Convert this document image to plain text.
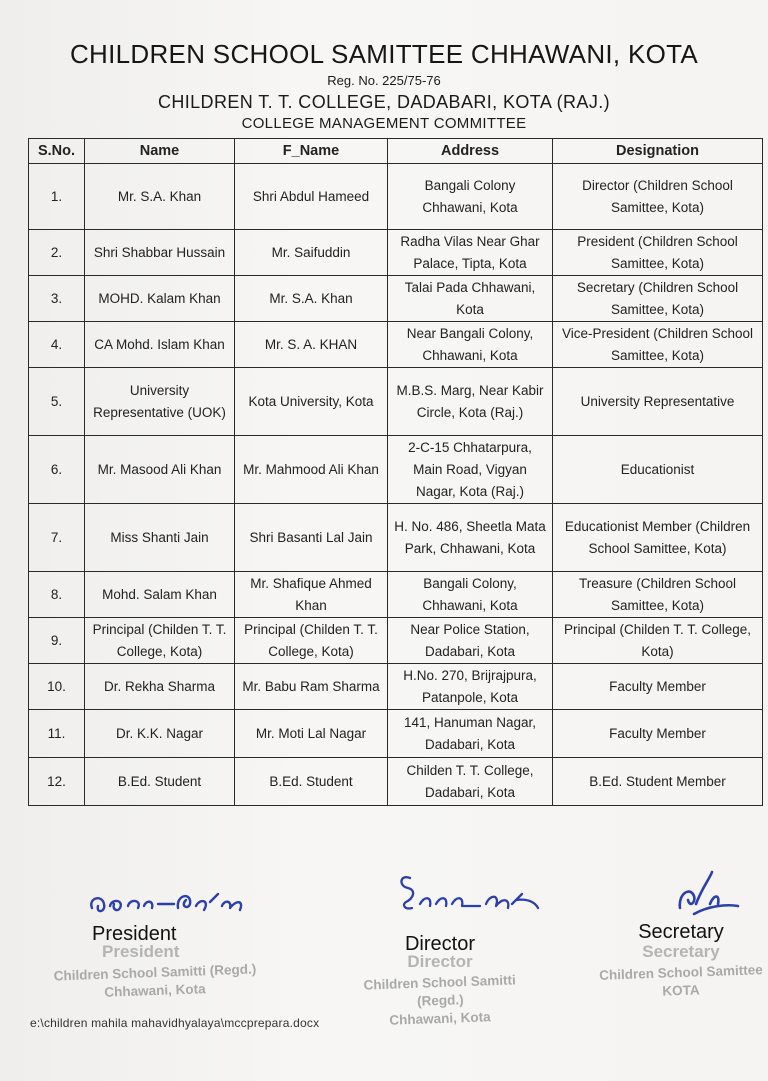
CHILDREN SCHOOL SAMITTEE CHHAWANI, KOTA
Reg. No. 225/75-76
CHILDREN T. T. COLLEGE, DADABARI, KOTA (RAJ.)
COLLEGE MANAGEMENT COMMITTEE
S.No.	Name	F_Name	Address	Designation
1.	Mr. S.A. Khan	Shri Abdul Hameed	Bangali Colony Chhawani, Kota	Director (Children School Samittee, Kota)
2.	Shri Shabbar Hussain	Mr. Saifuddin	Radha Vilas Near Ghar Palace, Tipta, Kota	President (Children School Samittee, Kota)
3.	MOHD. Kalam Khan	Mr. S.A. Khan	Talai Pada Chhawani, Kota	Secretary (Children School Samittee, Kota)
4.	CA Mohd. Islam Khan	Mr. S. A. KHAN	Near Bangali Colony, Chhawani, Kota	Vice-President (Children School Samittee, Kota)
5.	University Representative (UOK)	Kota University, Kota	M.B.S. Marg, Near Kabir Circle, Kota (Raj.)	University Representative
6.	Mr. Masood Ali Khan	Mr. Mahmood Ali Khan	2-C-15 Chhatarpura, Main Road, Vigyan Nagar, Kota (Raj.)	Educationist
7.	Miss Shanti Jain	Shri Basanti Lal Jain	H. No. 486, Sheetla Mata Park, Chhawani, Kota	Educationist Member (Children School Samittee, Kota)
8.	Mohd. Salam Khan	Mr. Shafique Ahmed Khan	Bangali Colony, Chhawani, Kota	Treasure (Children School Samittee, Kota)
9.	Principal (Childen T. T. College, Kota)	Principal (Childen T. T. College, Kota)	Near Police Station, Dadabari, Kota	Principal (Childen T. T. College, Kota)
10.	Dr. Rekha Sharma	Mr. Babu Ram Sharma	H.No. 270, Brijrajpura, Patanpole, Kota	Faculty Member
11.	Dr. K.K. Nagar	Mr. Moti Lal Nagar	141, Hanuman Nagar, Dadabari, Kota	Faculty Member
12.	B.Ed. Student	B.Ed. Student	Childen T. T. College, Dadabari, Kota	B.Ed. Student Member
President
President
Children School Samitti (Regd.)
Chhawani, Kota
Director
Director
Children School Samitti (Regd.)
Chhawani, Kota
Secretary
Secretary
Children School Samittee
KOTA
e:\children mahila mahavidhyalaya\mccprepara.docx
